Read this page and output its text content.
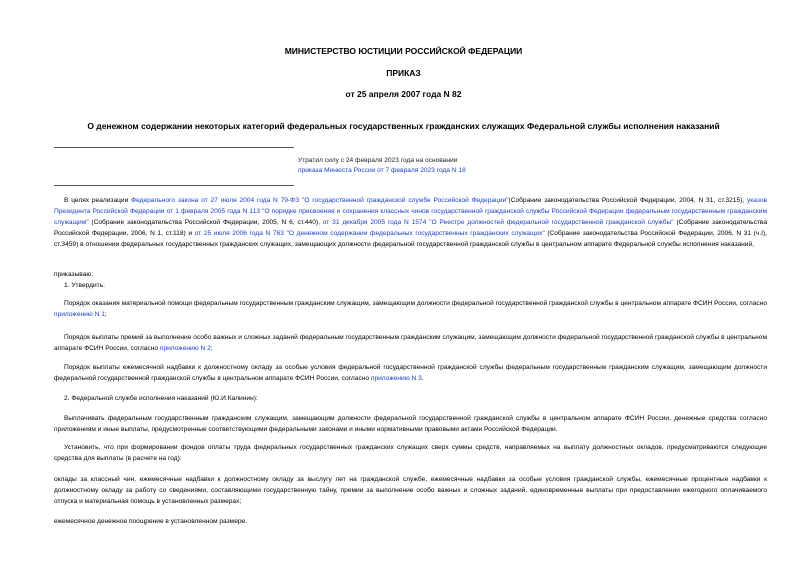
МИНИСТЕРСТВО ЮСТИЦИИ РОССИЙСКОЙ ФЕДЕРАЦИИ
ПРИКАЗ
от 25 апреля 2007 года N 82
О денежном содержании некоторых категорий федеральных государственных гражданских служащих Федеральной службы исполнения наказаний
Утратил силу с 24 февраля 2023 года на основании
приказа Минюста России от 7 февраля 2023 года N 18
В целях реализации Федерального закона от 27 июля 2004 года N 79-ФЗ "О государственной гражданской службе Российской Федерации"(Собрание законодательства Российской Федерации, 2004, N 31, ст.3215), указов Президента Российской Федерации от 1 февраля 2005 года N 113 "О порядке присвоения и сохранения классных чинов государственной гражданской службы Российской Федерации федеральным государственным гражданским служащим" (Собрание законодательства Российской Федерации, 2005, N 6, ст.440), от 31 декабря 2005 года N 1574 "О Реестре должностей федеральной государственной гражданской службы" (Собрание законодательства Российской Федерации, 2006, N 1, ст.118) и от 25 июля 2006 года N 763 "О денежном содержании федеральных государственных гражданских служащих" (Собрание законодательства Российской Федерации, 2006, N 31 (ч.I), ст.3459) в отношении федеральных государственных гражданских служащих, замещающих должности федеральной государственной гражданской службы в центральном аппарате Федеральной службы исполнения наказаний,
приказываю:
1. Утвердить:
Порядок оказания материальной помощи федеральным государственным гражданским служащим, замещающим должности федеральной государственной гражданской службы в центральном аппарате ФСИН России, согласно приложению N 1;
Порядок выплаты премий за выполнение особо важных и сложных заданий федеральным государственным гражданским служащим, замещающим должности федеральной государственной гражданской службы в центральном аппарате ФСИН России, согласно приложению N 2;
Порядок выплаты ежемесячной надбавки к должностному окладу за особые условия федеральной государственной гражданской службы федеральным государственным гражданским служащим, замещающим должности федеральной государственной гражданской службы в центральном аппарате ФСИН России, согласно приложению N 3.
2. Федеральной службе исполнения наказаний (Ю.И.Калинин):
Выплачивать федеральным государственным гражданским служащим, замещающим должности федеральной государственной гражданской службы в центральном аппарате ФСИН России, денежные средства согласно приложениям и иные выплаты, предусмотренные соответствующими федеральными законами и иными нормативными правовыми актами Российской Федерации.
Установить, что при формировании фондов оплаты труда федеральных государственных гражданских служащих сверх суммы средств, направляемых на выплату должностных окладов, предусматриваются следующие средства для выплаты (в расчете на год):
оклады за классный чин, ежемесячные надбавки к должностному окладу за выслугу лет на гражданской службе, ежемесячные надбавки за особые условия гражданской службы, ежемесячные процентные надбавки к должностному окладу за работу со сведениями, составляющими государственную тайну, премии за выполнение особо важных и сложных заданий, единовременные выплаты при предоставлении ежегодного оплачиваемого отпуска и материальная помощь в установленных размерах;
ежемесячное денежное поощрение в установленном размере.
